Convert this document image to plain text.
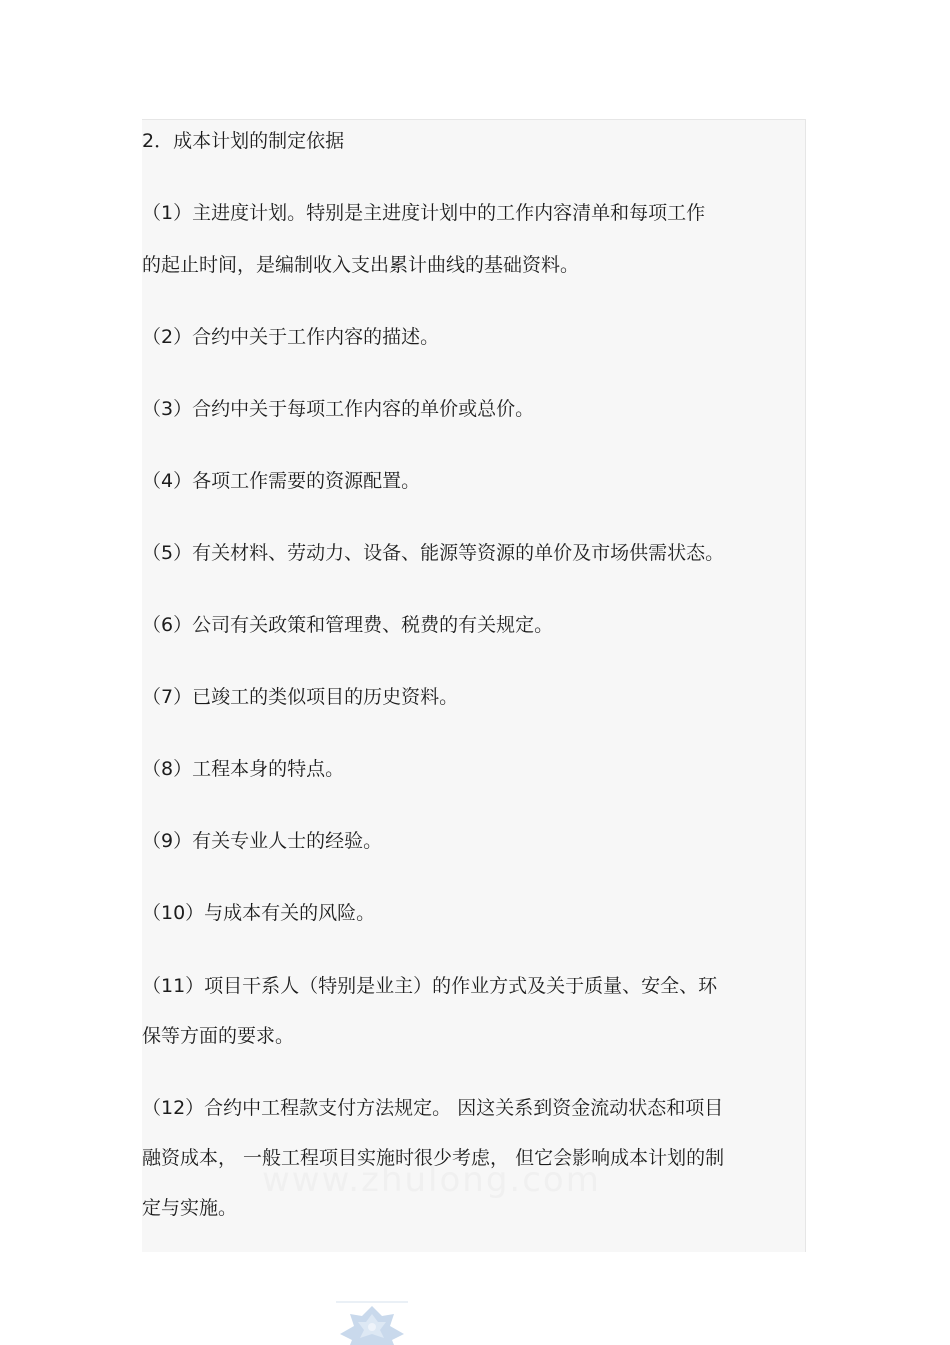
2．成本计划的制定依据
（1）主进度计划。特别是主进度计划中的工作内容清单和每项工作
的起止时间，是编制收入支出累计曲线的基础资料。
（2）合约中关于工作内容的描述。
（3）合约中关于每项工作内容的单价或总价。
（4）各项工作需要的资源配置。
（5）有关材料、劳动力、设备、能源等资源的单价及市场供需状态。
（6）公司有关政策和管理费、税费的有关规定。
（7）已竣工的类似项目的历史资料。
（8）工程本身的特点。
（9）有关专业人士的经验。
（10）与成本有关的风险。
（11）项目干系人（特别是业主）的作业方式及关于质量、安全、环
保等方面的要求。
（12）合约中工程款支付方法规定。 因这关系到资金流动状态和项目
融资成本， 一般工程项目实施时很少考虑， 但它会影响成本计划的制
定与实施。
www.zhulong.com
